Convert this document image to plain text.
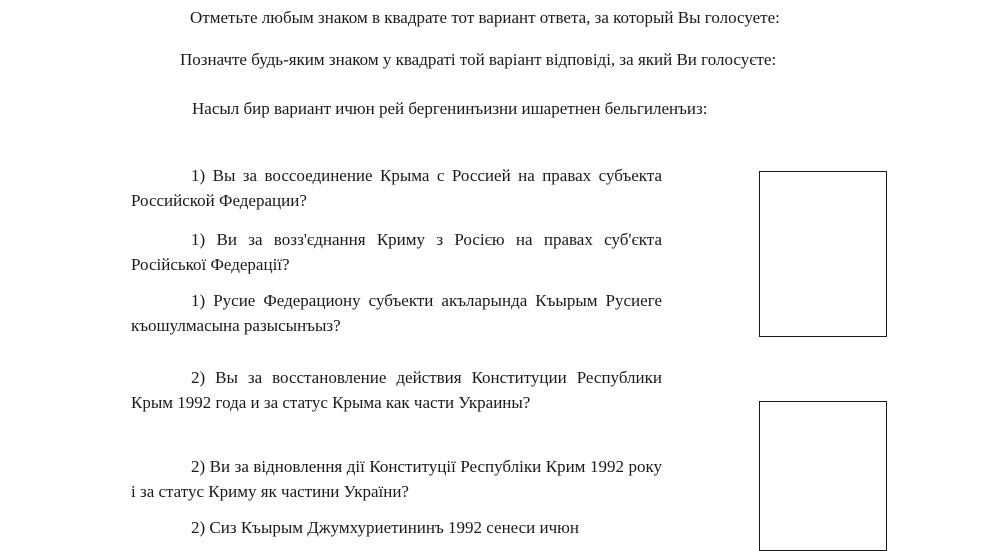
Отметьте любым знаком в квадрате тот вариант ответа, за который Вы голосуете:
Позначте будь-яким знаком у квадраті той варіант відповіді, за який Ви голосуєте:
Насыл бир вариант ичюн рей бергенинъизни ишаретнен бельгиленъиз:
1) Вы за воссоединение Крыма с Россией на правах субъекта Российской Федерации?
1) Ви за возз'єднання Криму з Росією на правах суб'єкта Російської Федерації?
1) Русие Федерационy субъекти акъларында Къырым Русиеге къошулмасына разысынъыз?
2) Вы за восстановление действия Конституции Республики Крым 1992 года и за статус Крыма как части Украины?
2) Ви за відновлення дії Конституції Республіки Крим 1992 року і за статус Криму як частини України?
2) Сиз Къырым Джумхуриетининъ 1992 сенеси ичюн
